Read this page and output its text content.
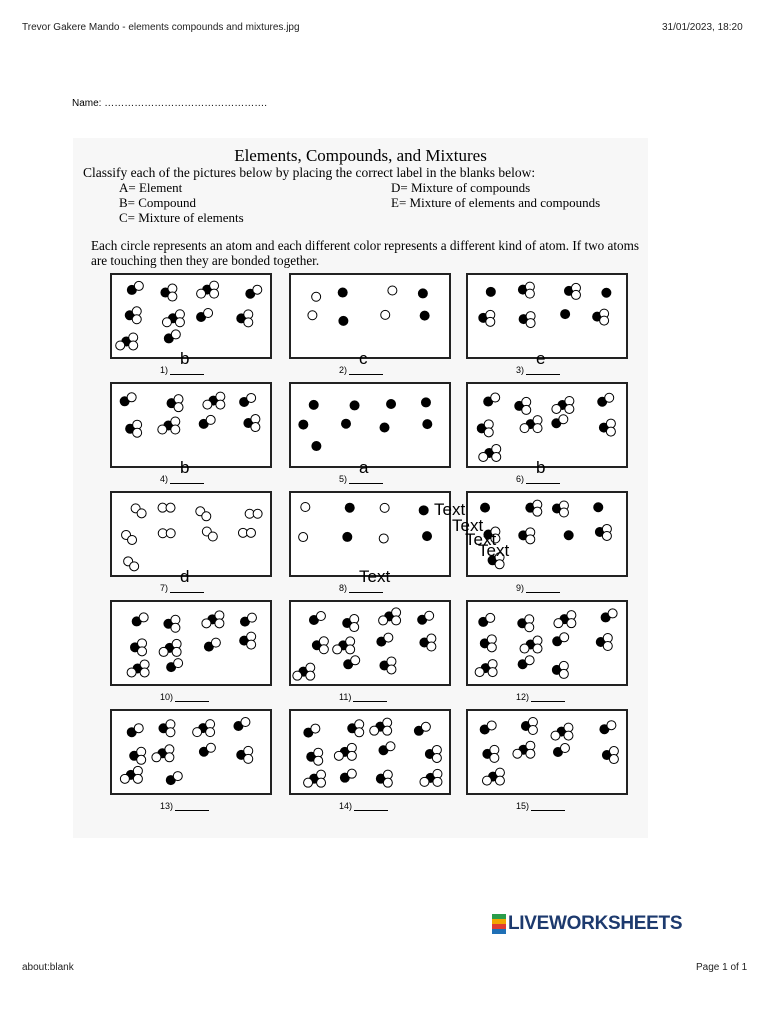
Trevor Gakere Mando - elements compounds and mixtures.jpg	31/01/2023, 18:20
Name: ………………………………………….
Elements, Compounds, and Mixtures
Classify each of the pictures below by placing the correct label in the blanks below:
A= Element
B= Compound
C= Mixture of elements
D= Mixture of compounds
E= Mixture of elements and compounds
Each circle represents an atom and each different color represents a different kind of atom. If two atoms are touching then they are bonded together.
1)
b
2)
c
3)
e
4)
b
5)
a
6)
b
7)
d
8)
Text
9)
10)	11)	12)
13)	14)	15)
Text
Text
Text
Text
LIVEWORKSHEETS
about:blank	Page 1 of 1
